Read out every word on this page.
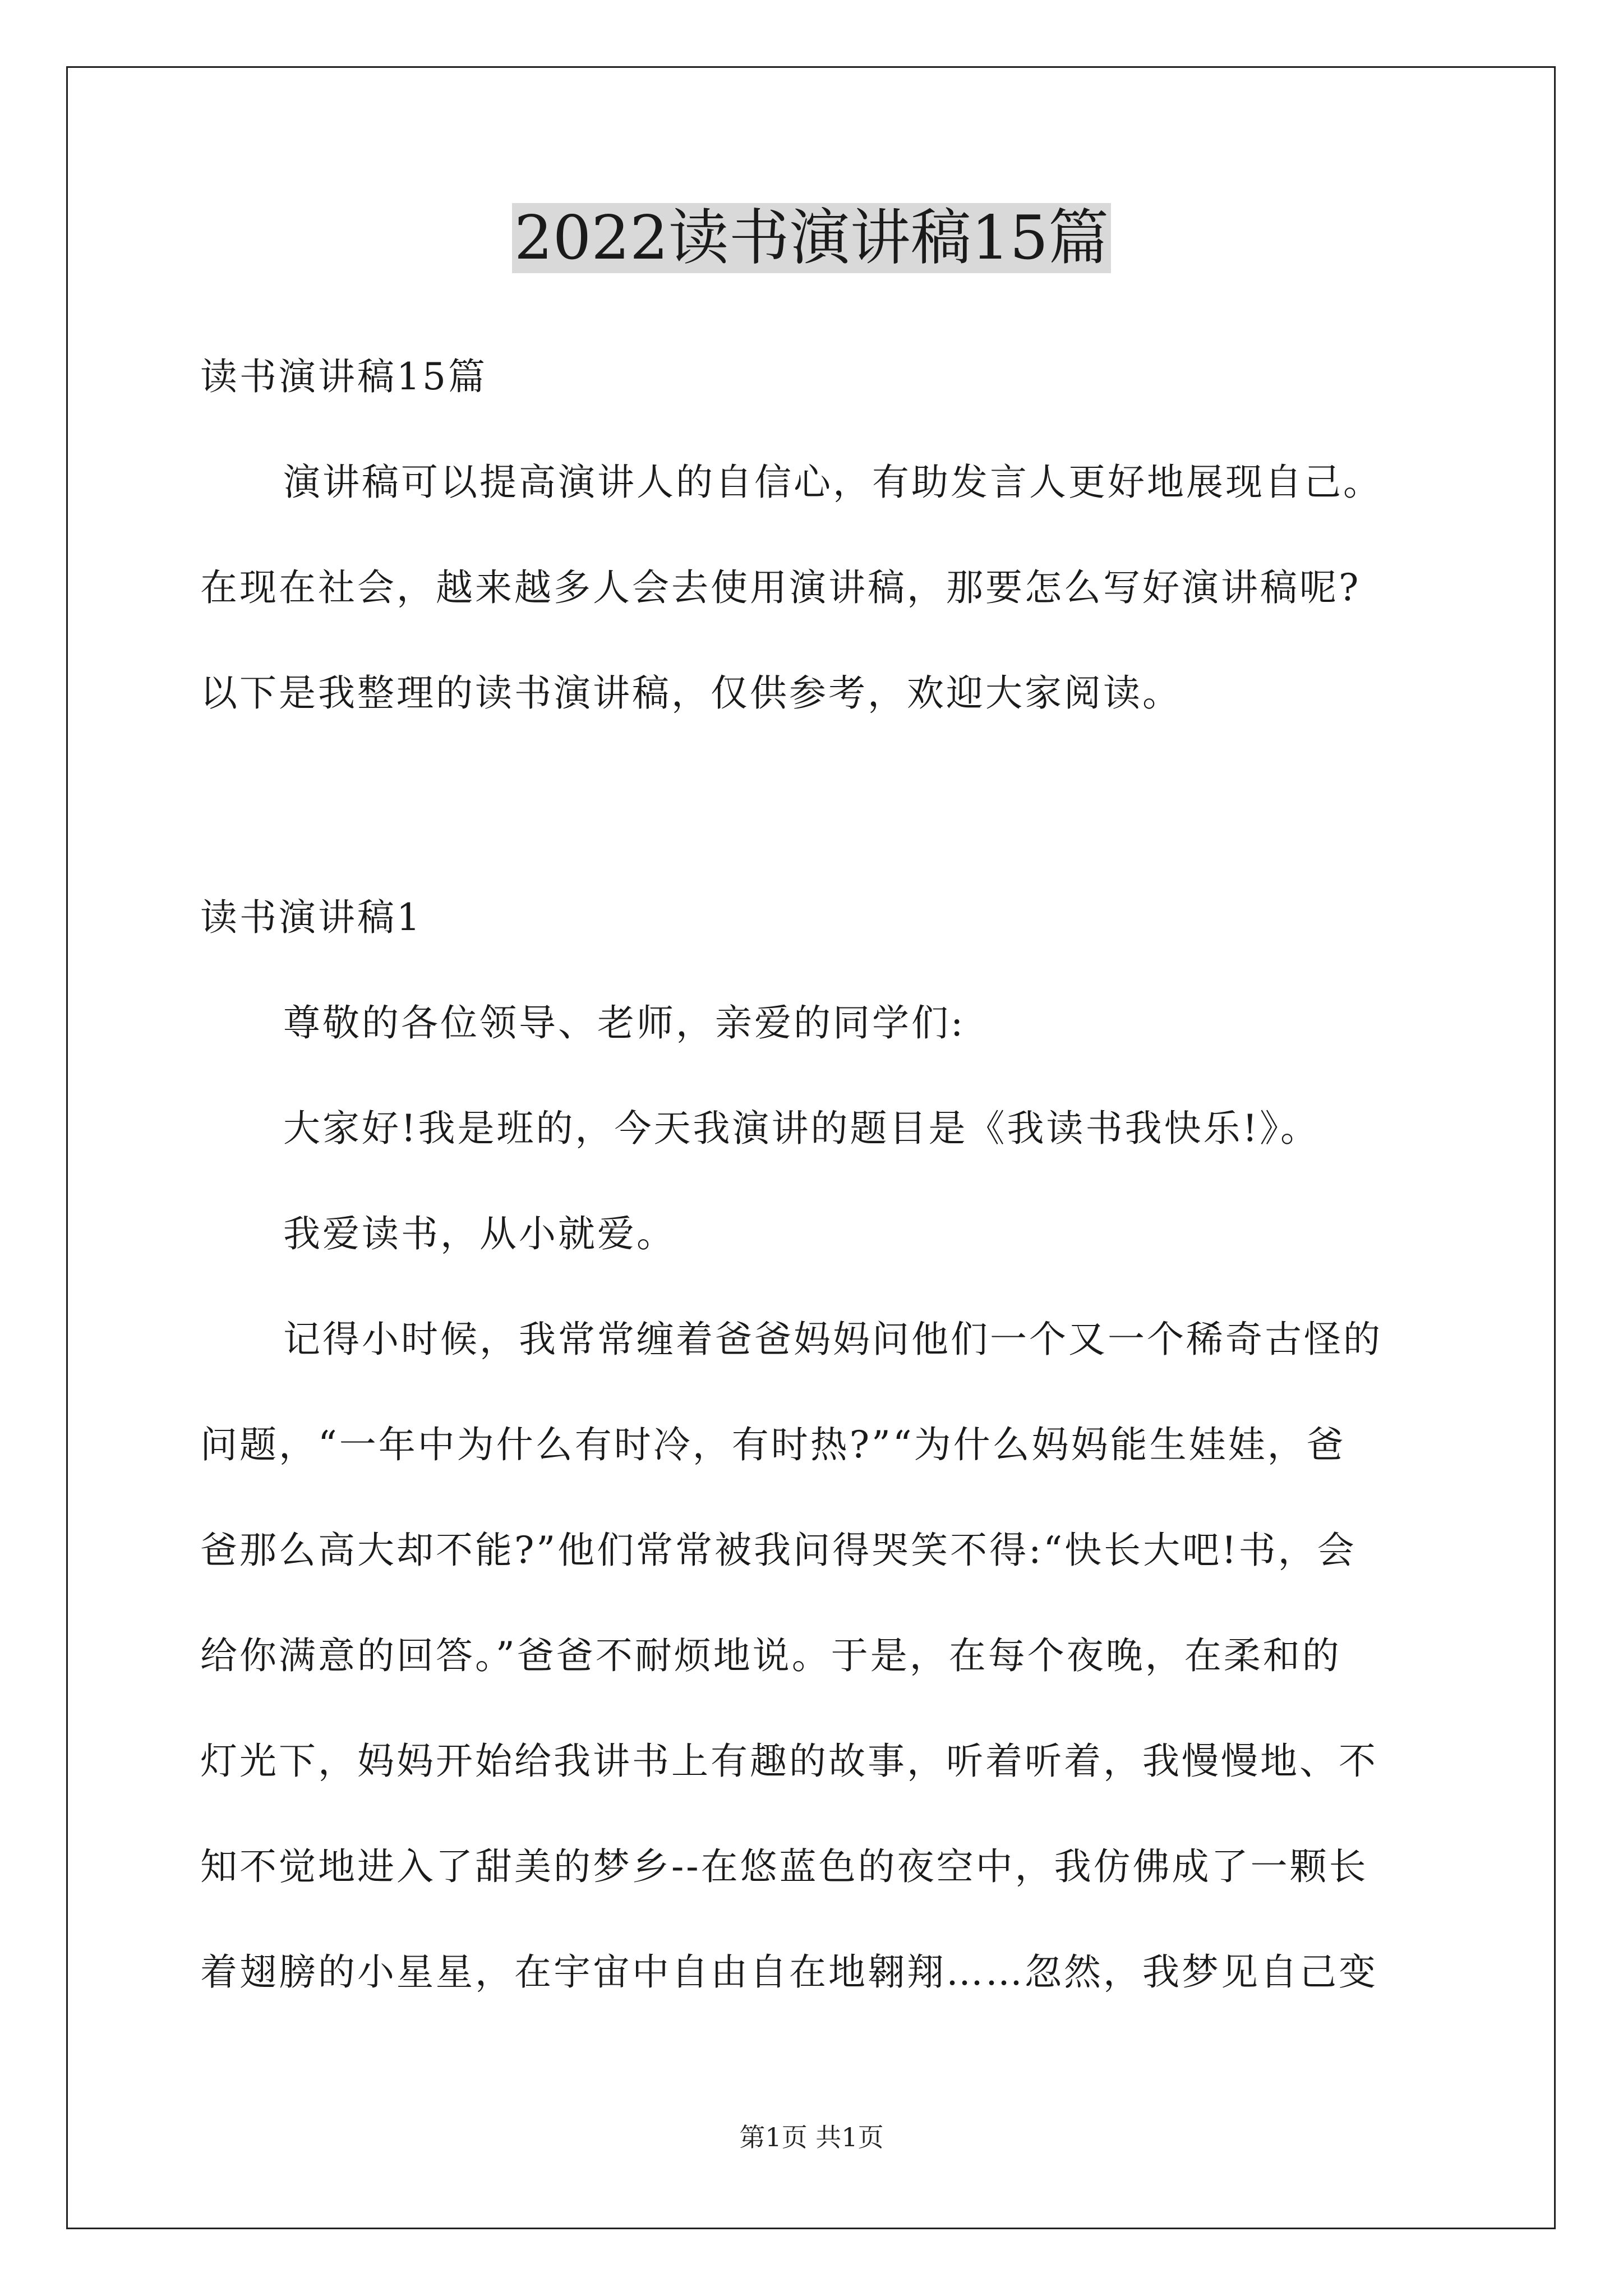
2022读书演讲稿15篇
读书演讲稿15篇
演讲稿可以提高演讲人的自信心，有助发言人更好地展现自己。
在现在社会，越来越多人会去使用演讲稿，那要怎么写好演讲稿呢?
以下是我整理的读书演讲稿，仅供参考，欢迎大家阅读。
读书演讲稿1
尊敬的各位领导、老师，亲爱的同学们:
大家好!我是班的，今天我演讲的题目是《我读书我快乐!》。
我爱读书，从小就爱。
记得小时候，我常常缠着爸爸妈妈问他们一个又一个稀奇古怪的
问题，“一年中为什么有时冷，有时热?”“为什么妈妈能生娃娃，爸
爸那么高大却不能?”他们常常被我问得哭笑不得:“快长大吧!书，会
给你满意的回答。”爸爸不耐烦地说。于是，在每个夜晚，在柔和的
灯光下，妈妈开始给我讲书上有趣的故事，听着听着，我慢慢地、不
知不觉地进入了甜美的梦乡--在悠蓝色的夜空中，我仿佛成了一颗长
着翅膀的小星星，在宇宙中自由自在地翱翔……忽然，我梦见自己变
第1页 共1页
